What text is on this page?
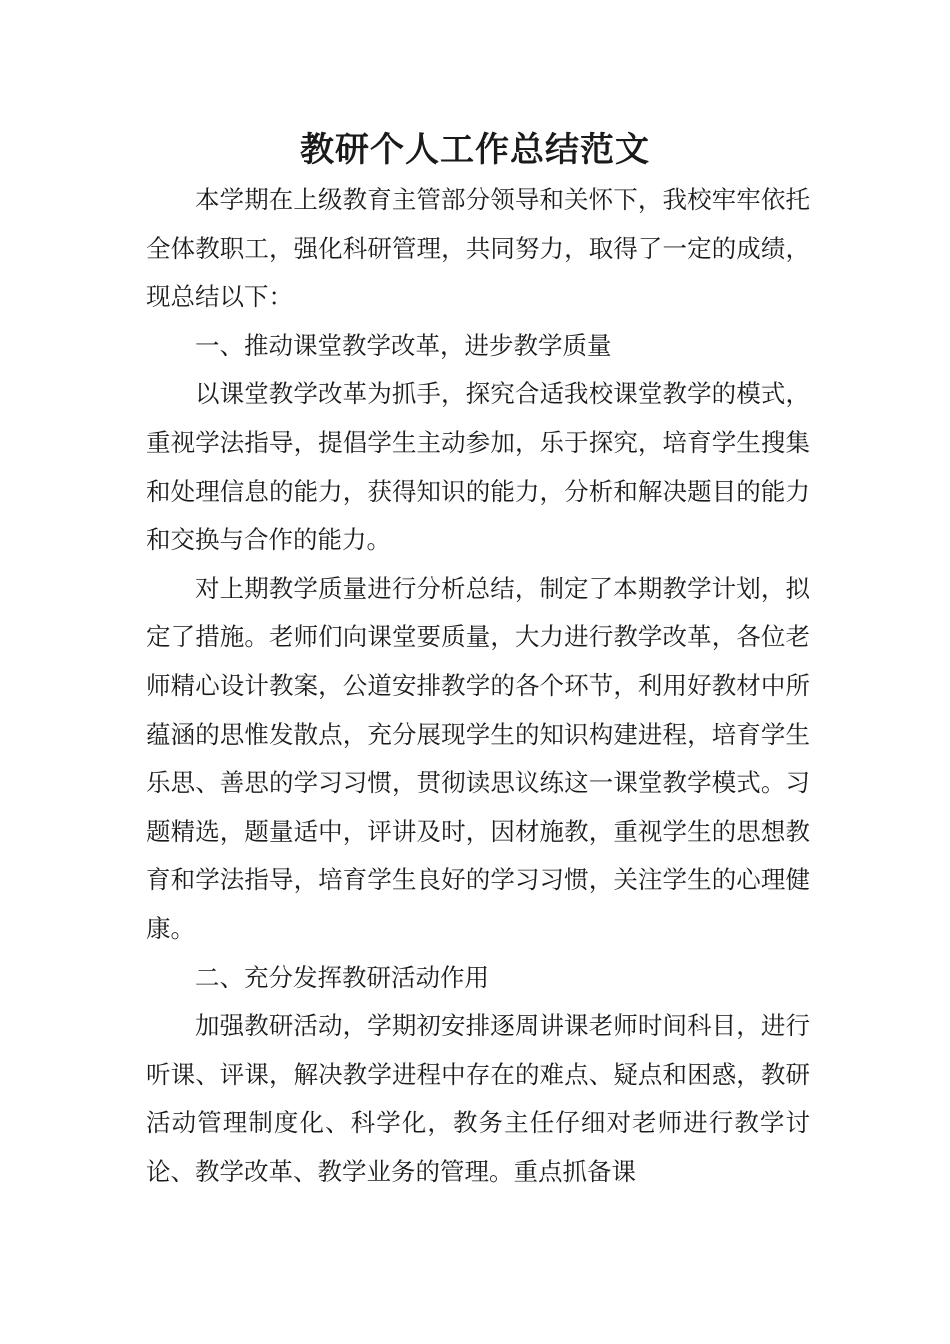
教研个人工作总结范文

本学期在上级教育主管部分领导和关怀下，我校牢牢依托全体教职工，强化科研管理，共同努力，取得了一定的成绩，现总结以下：

一、推动课堂教学改革，进步教学质量

以课堂教学改革为抓手，探究合适我校课堂教学的模式，重视学法指导，提倡学生主动参加，乐于探究，培育学生搜集和处理信息的能力，获得知识的能力，分析和解决题目的能力和交换与合作的能力。

对上期教学质量进行分析总结，制定了本期教学计划，拟定了措施。老师们向课堂要质量，大力进行教学改革，各位老师精心设计教案，公道安排教学的各个环节，利用好教材中所蕴涵的思惟发散点，充分展现学生的知识构建进程，培育学生乐思、善思的学习习惯，贯彻读思议练这一课堂教学模式。习题精选，题量适中，评讲及时，因材施教，重视学生的思想教育和学法指导，培育学生良好的学习习惯，关注学生的心理健康。

二、充分发挥教研活动作用

加强教研活动，学期初安排逐周讲课老师时间科目，进行听课、评课，解决教学进程中存在的难点、疑点和困惑，教研活动管理制度化、科学化，教务主任仔细对老师进行教学讨论、教学改革、教学业务的管理。重点抓备课
